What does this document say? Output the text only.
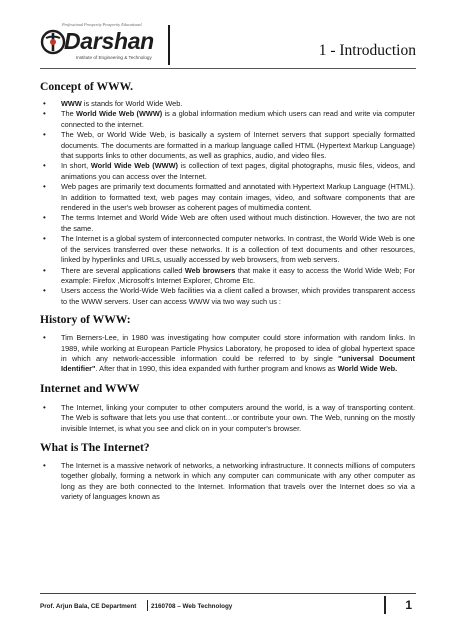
Professional Prosperity Prosperity Educational
Darshan
Institute of Engineering & Technology	1 - Introduction
Concept of WWW.
• WWW is stands for World Wide Web.
• The World Wide Web (WWW) is a global information medium which users can read and write via computer connected to the internet.
• The Web, or World Wide Web, is basically a system of Internet servers that support specially formatted documents. The documents are formatted in a markup language called HTML (Hypertext Markup Language) that supports links to other documents, as well as graphics, audio, and video files.
• In short, World Wide Web (WWW) is collection of text pages, digital photographs, music files, videos, and animations you can access over the Internet.
• Web pages are primarily text documents formatted and annotated with Hypertext Markup Language (HTML). In addition to formatted text, web pages may contain images, video, and software components that are rendered in the user's web browser as coherent pages of multimedia content.
• The terms Internet and World Wide Web are often used without much distinction. However, the two are not the same.
• The Internet is a global system of interconnected computer networks. In contrast, the World Wide Web is one of the services transferred over these networks. It is a collection of text documents and other resources, linked by hyperlinks and URLs, usually accessed by web browsers, from web servers.
• There are several applications called Web browsers that make it easy to access the World Wide Web; For example: Firefox ,Microsoft's Internet Explorer, Chrome Etc.
• Users access the World-Wide Web facilities via a client called a browser, which provides transparent access to the WWW servers. User can access WWW via two way such us :
History of WWW:
• Tim Berners-Lee, in 1980 was investigating how computer could store information with random links. In 1989, while working at European Particle Physics Laboratory, he proposed to idea of global hypertext space in which any network-accessible information could be referred to by single "universal Document Identifier". After that in 1990, this idea expanded with further program and knows as World Wide Web.
Internet and WWW
• The Internet, linking your computer to other computers around the world, is a way of transporting content. The Web is software that lets you use that content…or contribute your own. The Web, running on the mostly invisible Internet, is what you see and click on in your computer's browser.
What is The Internet?
• The Internet is a massive network of networks, a networking infrastructure. It connects millions of computers together globally, forming a network in which any computer can communicate with any other computer as long as they are both connected to the Internet. Information that travels over the Internet does so via a variety of languages known as
Prof. Arjun Bala, CE Department 2160708 – Web Technology	1
